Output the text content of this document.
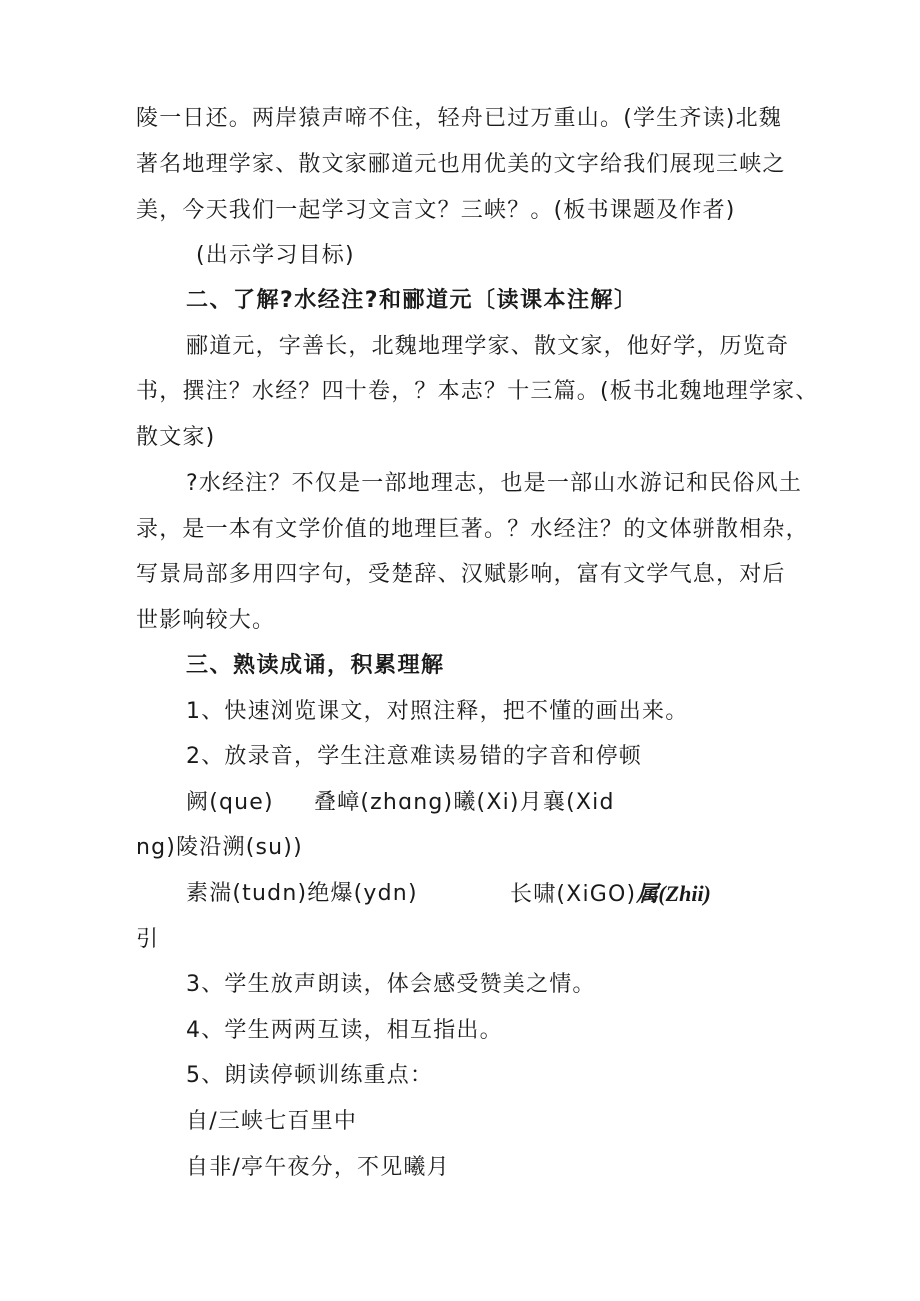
陵一日还。两岸猿声啼不住，轻舟已过万重山。(学生齐读)北魏
著名地理学家、散文家郦道元也用优美的文字给我们展现三峡之
美，今天我们一起学习文言文？三峡？。(板书课题及作者)
(出示学习目标)
二、了解?水经注?和郦道元〔读课本注解〕
郦道元，字善长，北魏地理学家、散文家，他好学，历览奇
书，撰注？水经？四十卷，？本志？十三篇。(板书北魏地理学家、
散文家)
?水经注？不仅是一部地理志，也是一部山水游记和民俗风土
录，是一本有文学价值的地理巨著。？水经注？的文体骈散相杂，
写景局部多用四字句，受楚辞、汉赋影响，富有文学气息，对后
世影响较大。
三、熟读成诵，积累理解
1、快速浏览课文，对照注释，把不懂的画出来。
2、放录音，学生注意难读易错的字音和停顿
阙(que) 叠嶂(zhɑng)曦(Xi)月襄(Xid
ng)陵沿溯(su))
素湍(tudn)绝爆(ydn)	长啸(XiGO)属(Zhii)
引
3、学生放声朗读，体会感受赞美之情。
4、学生两两互读，相互指出。
5、朗读停顿训练重点：
自/三峡七百里中
自非/亭午夜分，不见曦月
